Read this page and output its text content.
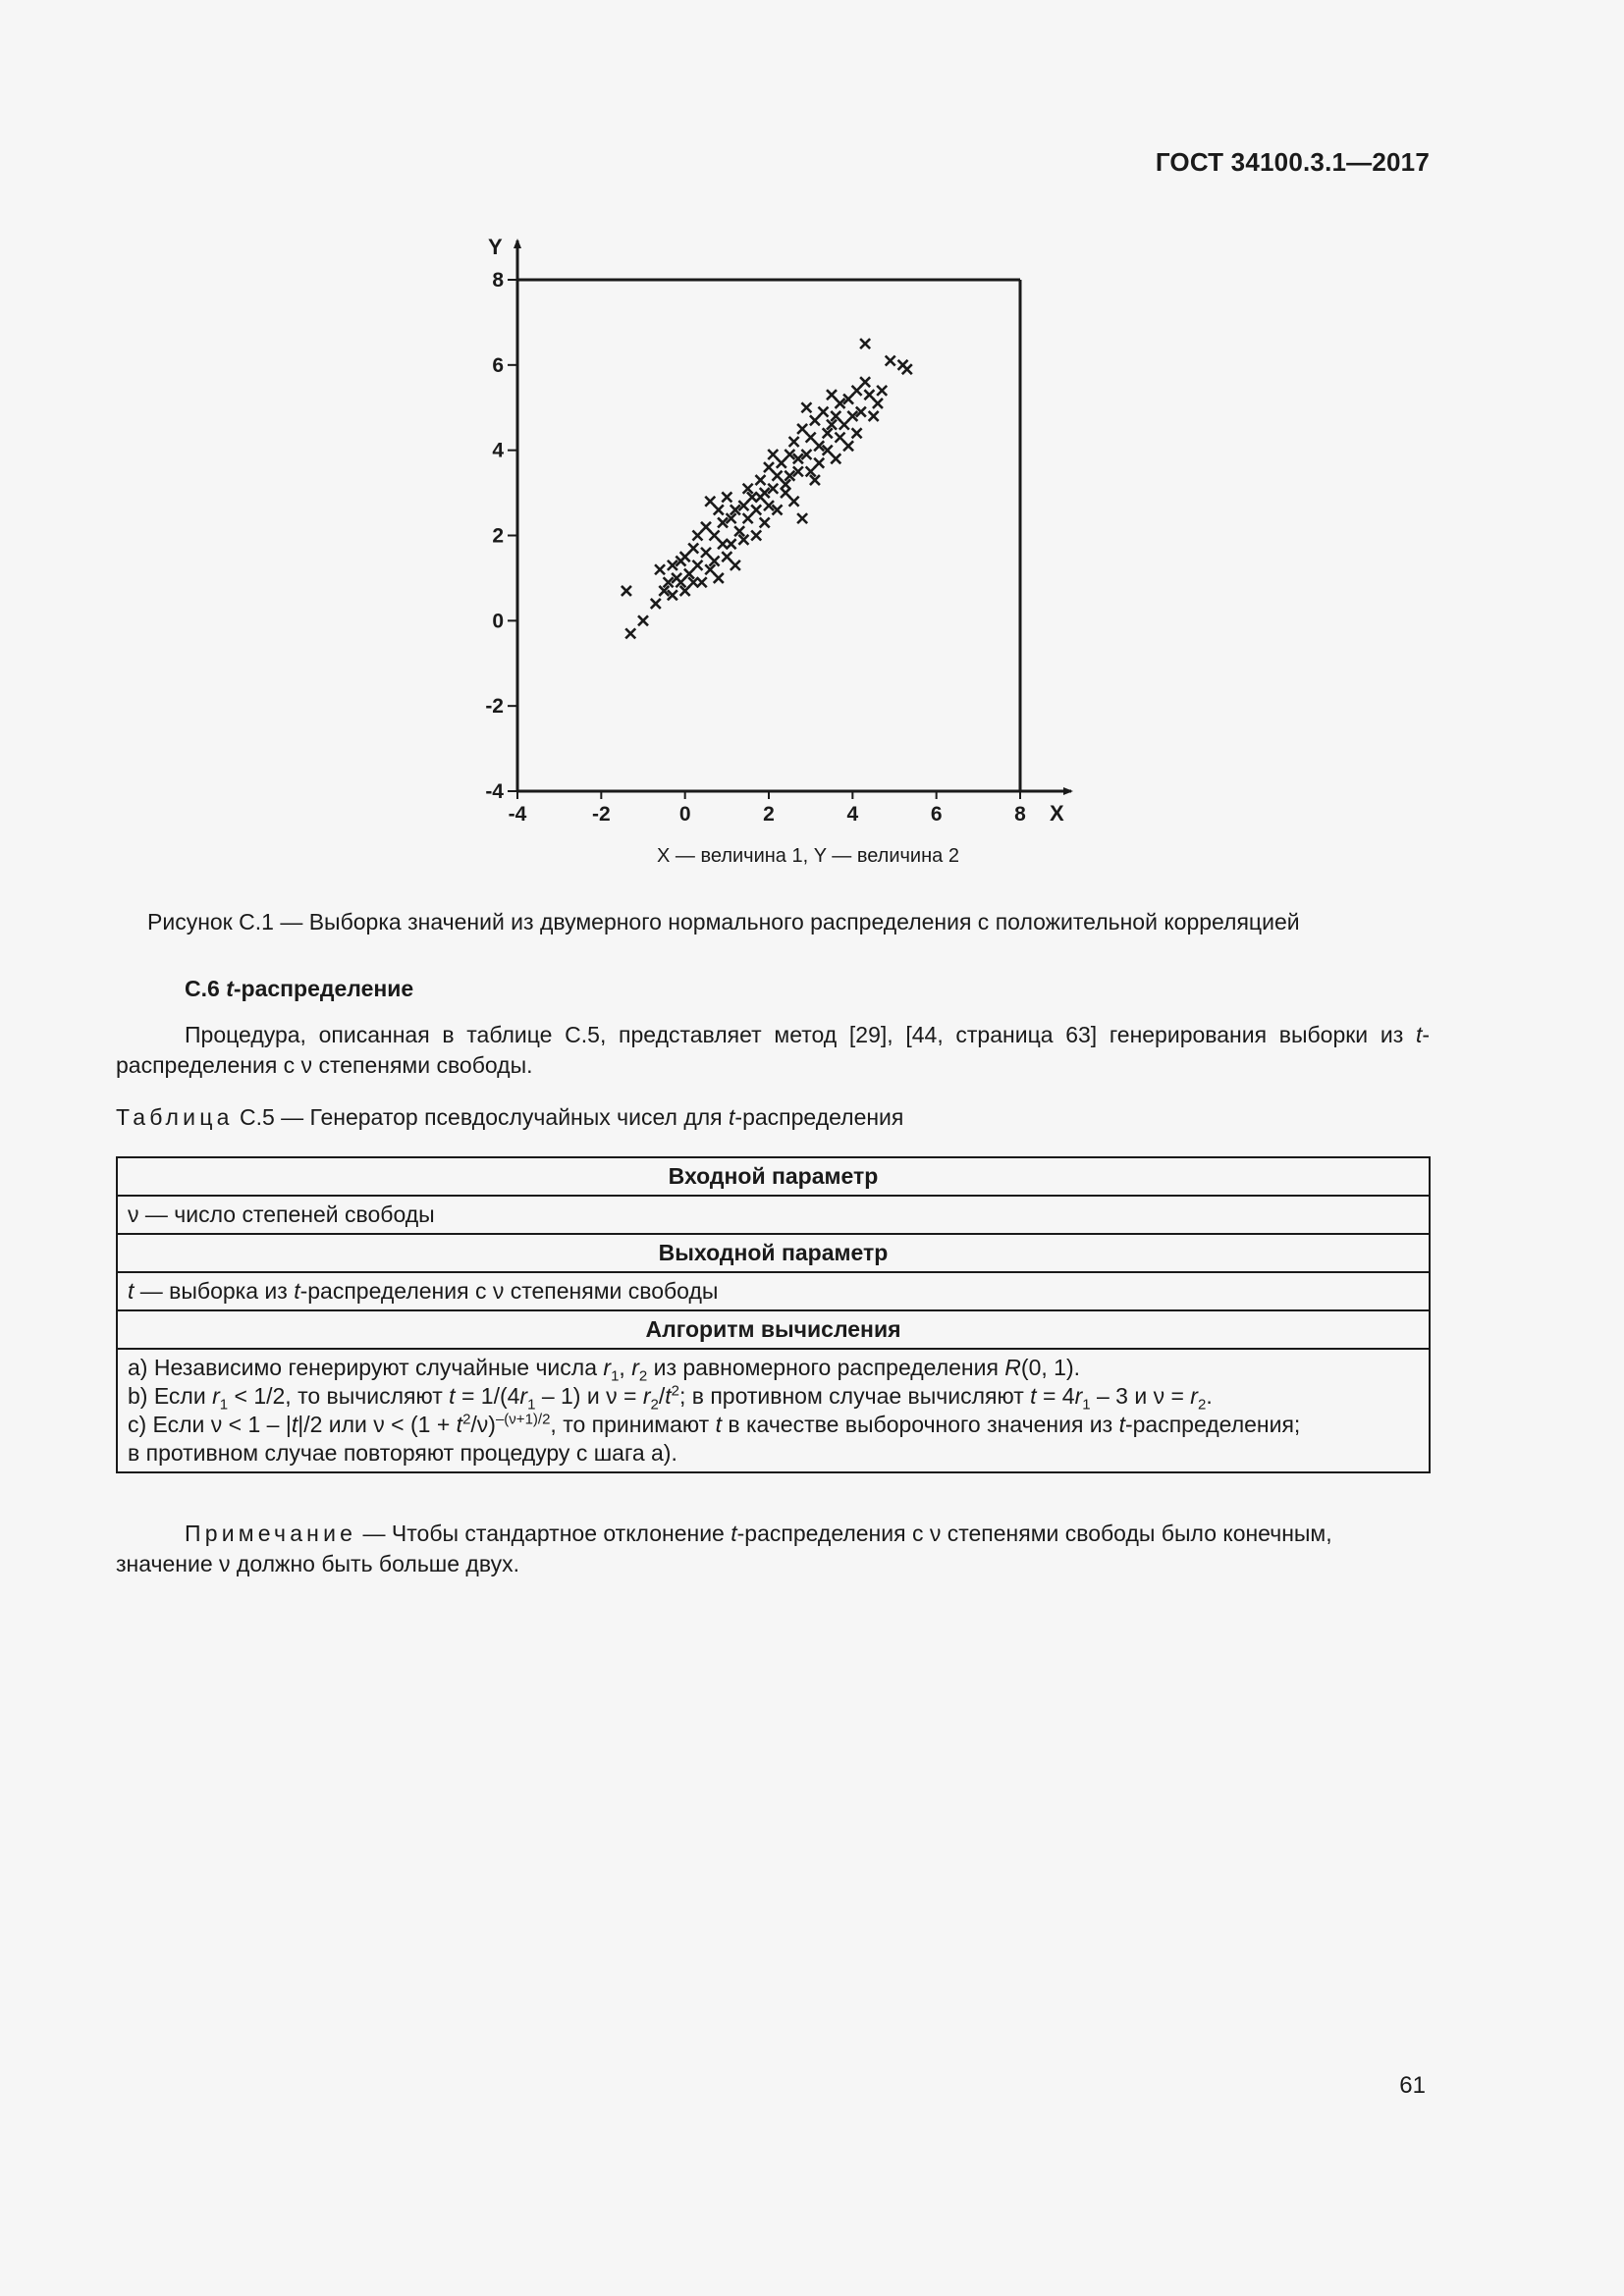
ГОСТ 34100.3.1—2017
-4	-2	0	2	4	6	8
-4
-2
0
2
4
6
8
X
Y
X — величина 1, Y — величина 2
Рисунок С.1 — Выборка значений из двумерного нормального распределения с положительной корреляцией
С.6 t-распределение
Процедура, описанная в таблице С.5, представляет метод [29], [44, страница 63] генерирования выборки из t-распределения с ν степенями свободы.
Таблица С.5 — Генератор псевдослучайных чисел для t-распределения
Входной параметр
ν — число степеней свободы
Выходной параметр
t — выборка из t-распределения с ν степенями свободы
Алгоритм вычисления

а) Независимо генерируют случайные числа $r_1$, $r_2$ из равномерного распределения R(0, 1).
b) Если $r_1 < 1/2$, то вычисляют $t = 1/(4r_1 - 1)$ и $\nu = r_2/t^2$; в противном случае вычисляют $t = 4r_1 - 3$ и $\nu = r_2$.
c) Если ν < 1 – |t|/2 или $\nu < (1 + t^2/\nu)^{-(\nu+1)/2}$, то принимают t в качестве выборочного значения из t-распределения;
в противном случае повторяют процедуру с шага а).
Примечание — Чтобы стандартное отклонение t-распределения с ν степенями свободы было конечным, значение ν должно быть больше двух.
61
